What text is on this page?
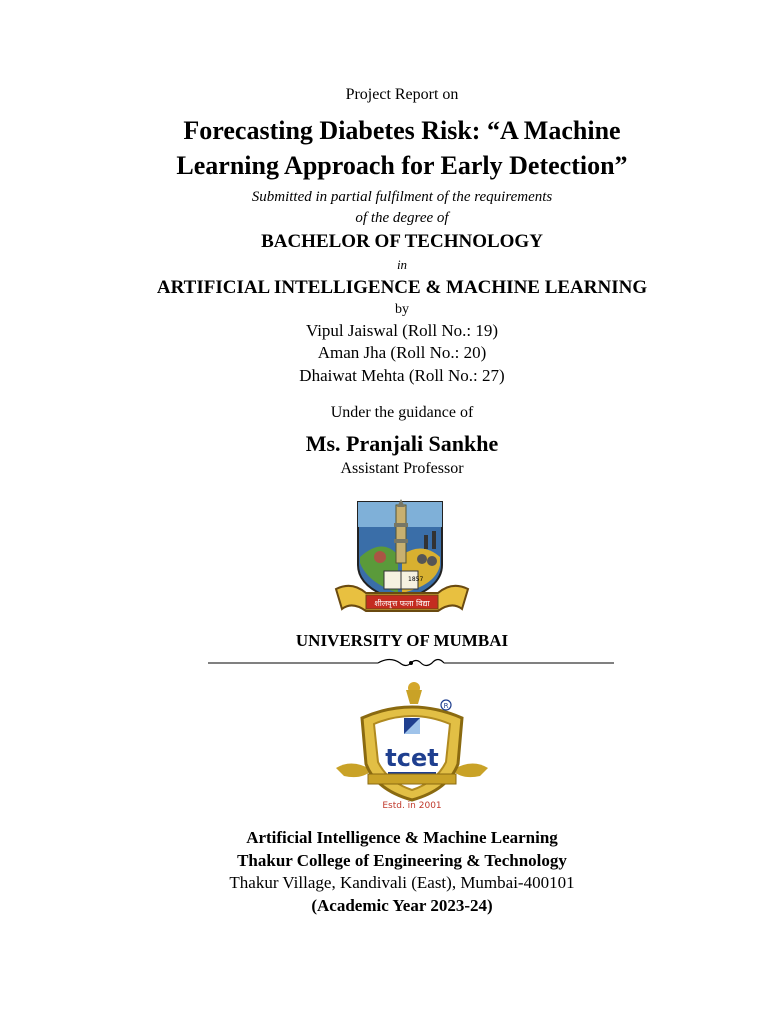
Project Report on
Forecasting Diabetes Risk: “A Machine
Learning Approach for Early Detection”
Submitted in partial fulfilment of the requirements
of the degree of
BACHELOR OF TECHNOLOGY
in
ARTIFICIAL INTELLIGENCE & MACHINE LEARNING
by
Vipul Jaiswal (Roll No.: 19)
Aman Jha (Roll No.: 20)
Dhaiwat Mehta (Roll No.: 27)
Under the guidance of
Ms. Pranjali Sankhe
Assistant Professor
1857
शीलवृत्त फला विद्या
UNIVERSITY OF MUMBAI
tcet
R
Estd. in 2001
Artificial Intelligence & Machine Learning
Thakur College of Engineering & Technology
Thakur Village, Kandivali (East), Mumbai-400101
(Academic Year 2023-24)
